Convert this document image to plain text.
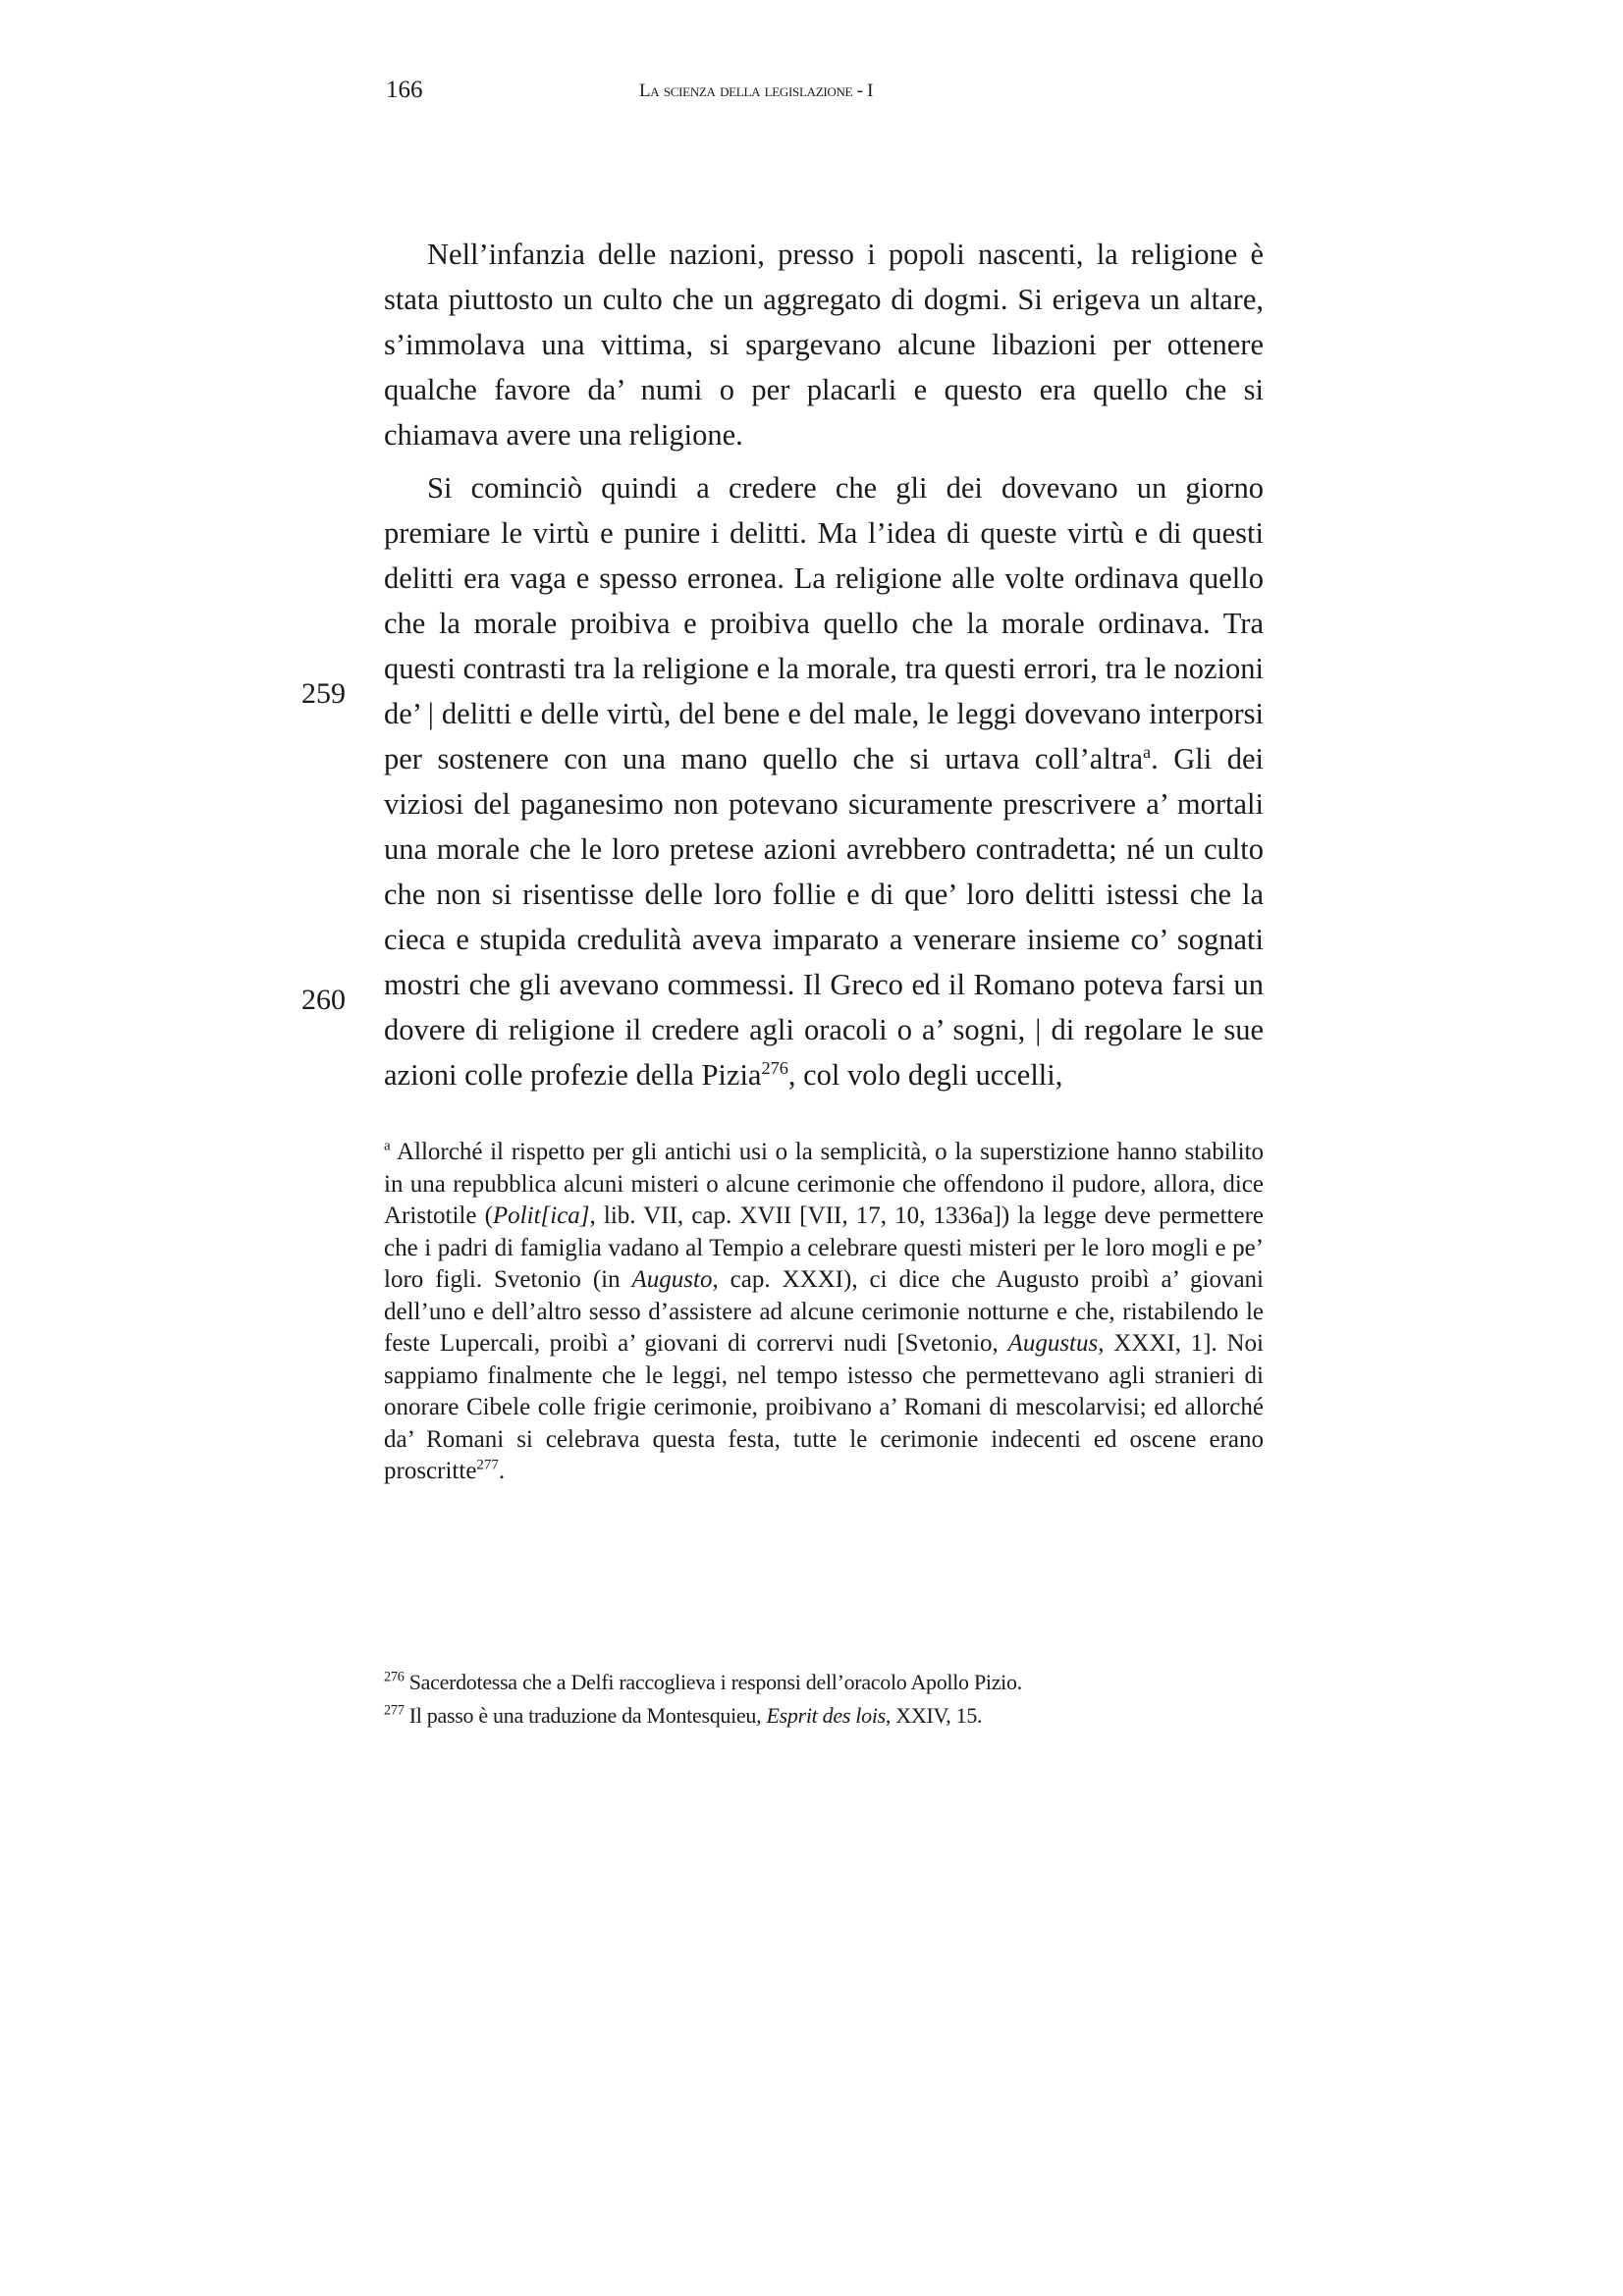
166	La scienza della legislazione - I
259
260

Nell’infanzia delle nazioni, presso i popoli nascenti, la religione è stata piuttosto un culto che un aggregato di dogmi. Si erigeva un altare, s’immolava una vittima, si spargevano alcune libazioni per ottenere qualche favore da’ numi o per placarli e questo era quello che si chiamava avere una religione.

Si cominciò quindi a credere che gli dei dovevano un giorno premiare le virtù e punire i delitti. Ma l’idea di queste virtù e di questi delitti era vaga e spesso erronea. La religione alle volte ordinava quello che la morale proibiva e proibiva quello che la morale ordinava. Tra questi contrasti tra la religione e la morale, tra questi errori, tra le nozioni de’ | delitti e delle virtù, del bene e del male, le leggi dovevano interporsi per sostenere con una mano quello che si urtava coll’altra$^a$. Gli dei viziosi del paganesimo non potevano sicuramente prescrivere a’ mortali una morale che le loro pretese azioni avrebbero contradetta; né un culto che non si risentisse delle loro follie e di que’ loro delitti istessi che la cieca e stupida credulità aveva imparato a venerare insieme co’ sognati mostri che gli avevano commessi. Il Greco ed il Romano poteva farsi un dovere di religione il credere agli oracoli o a’ sogni, | di regolare le sue azioni colle profezie della Pizia$^{276}$, col volo degli uccelli,

$^a$ Allorché il rispetto per gli antichi usi o la semplicità, o la superstizione hanno stabilito in una repubblica alcuni misteri o alcune cerimonie che offendono il pudore, allora, dice Aristotile (Polit[ica], lib. VII, cap. XVII [VII, 17, 10, 1336a]) la legge deve permettere che i padri di famiglia vadano al Tempio a celebrare questi misteri per le loro mogli e pe’ loro figli. Svetonio (in Augusto, cap. XXXI), ci dice che Augusto proibì a’ giovani dell’uno e dell’altro sesso d’assistere ad alcune cerimonie notturne e che, ristabilendo le feste Lupercali, proibì a’ giovani di corrervi nudi [Svetonio, Augustus, XXXI, 1]. Noi sappiamo finalmente che le leggi, nel tempo istesso che permettevano agli stranieri di onorare Cibele colle frigie cerimonie, proibivano a’ Romani di mescolarvisi; ed allorché da’ Romani si celebrava questa festa, tutte le cerimonie indecenti ed oscene erano proscritte$^{277}$.
$^{276}$ Sacerdotessa che a Delfi raccoglieva i responsi dell’oracolo Apollo Pizio.
$^{277}$ Il passo è una traduzione da Montesquieu, Esprit des lois, XXIV, 15.
